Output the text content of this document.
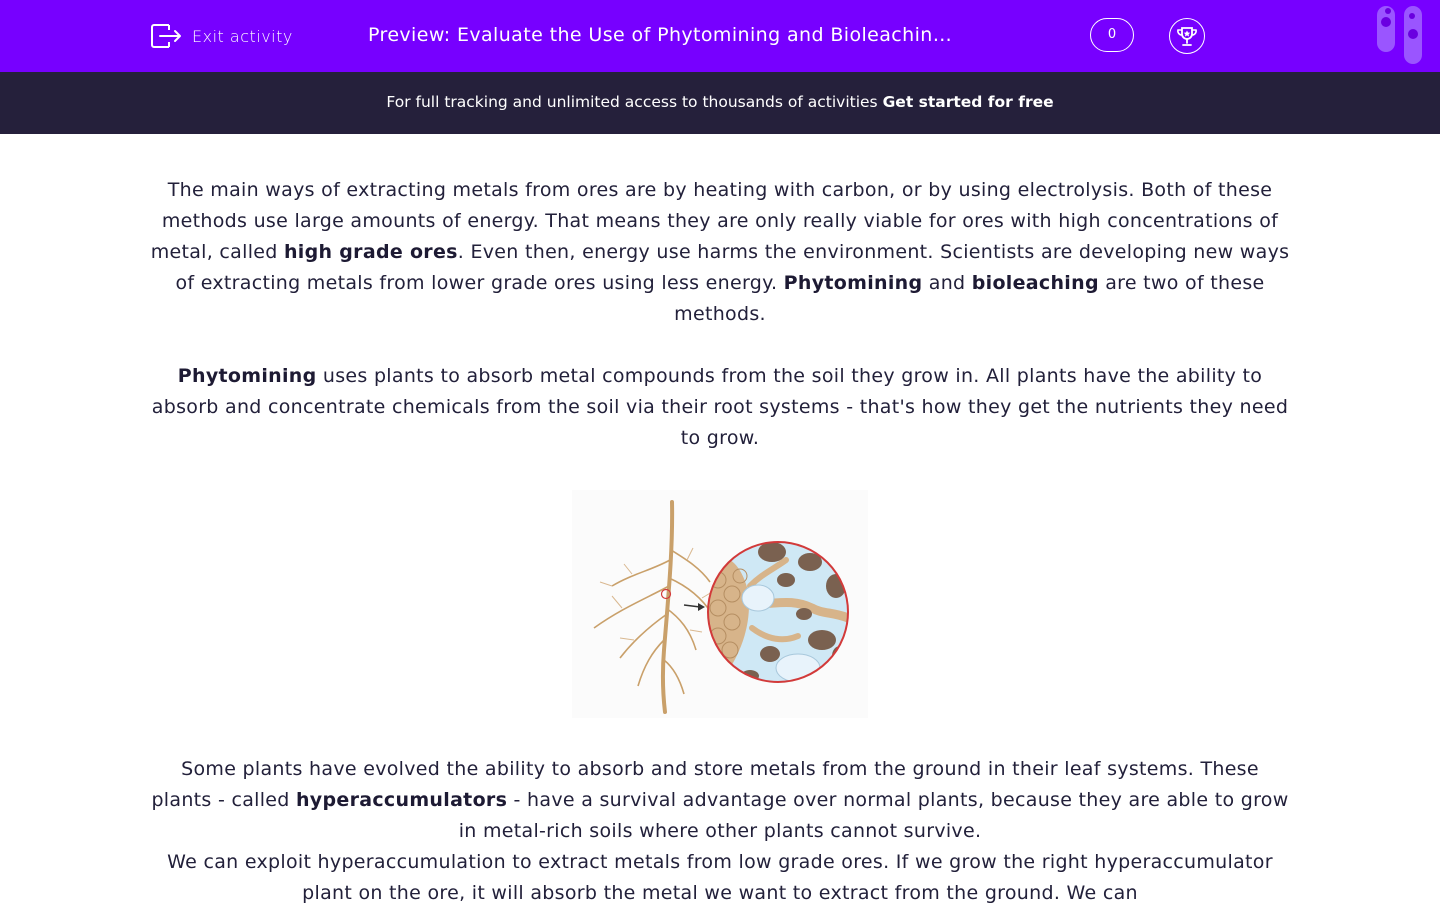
Exit activity	Preview: Evaluate the Use of Phytomining and Bioleachin…	0
For full tracking and unlimited access to thousands of activities Get started for free

The main ways of extracting metals from ores are by heating with carbon, or by using electrolysis. Both of these methods use large amounts of energy. That means they are only really viable for ores with high concentrations of metal, called high grade ores. Even then, energy use harms the environment. Scientists are developing new ways of extracting metals from lower grade ores using less energy. Phytomining and bioleaching are two of these methods.

Phytomining uses plants to absorb metal compounds from the soil they grow in. All plants have the ability to absorb and concentrate chemicals from the soil via their root systems - that's how they get the nutrients they need to grow.

Some plants have evolved the ability to absorb and store metals from the ground in their leaf systems. These plants - called hyperaccumulators - have a survival advantage over normal plants, because they are able to grow in metal-rich soils where other plants cannot survive.

We can exploit hyperaccumulation to extract metals from low grade ores. If we grow the right hyperaccumulator plant on the ore, it will absorb the metal we want to extract from the ground. We can
